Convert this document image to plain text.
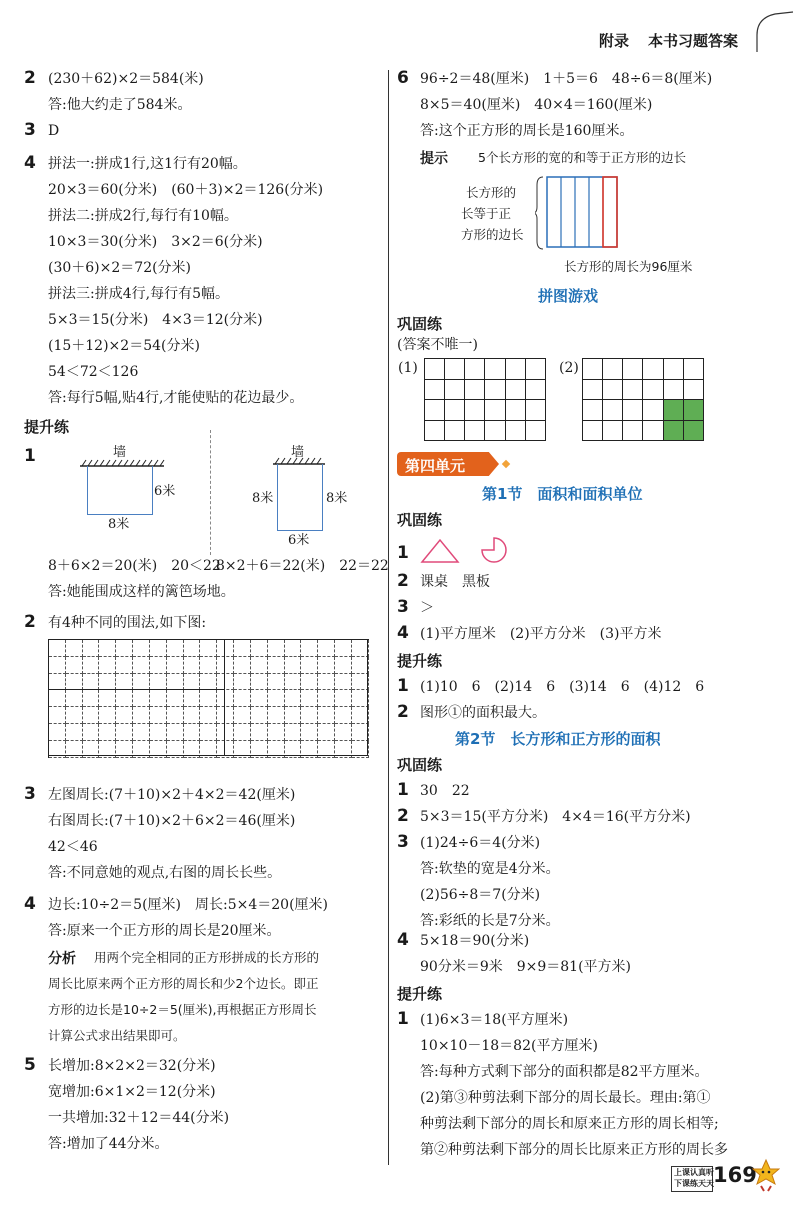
附录 本书习题答案
2 (230＋62)×2＝584(米)
答:他大约走了584米。
3 D
4 拼法一:拼成1行,这1行有20幅。
20×3＝60(分米)　(60＋3)×2＝126(分米)
拼法二:拼成2行,每行有10幅。
10×3＝30(分米)　3×2＝6(分米)
(30＋6)×2＝72(分米)
拼法三:拼成4行,每行有5幅。
5×3＝15(分米)　4×3＝12(分米)
(15＋12)×2＝54(分米)
54＜72＜126
答:每行5幅,贴4行,才能使贴的花边最少。
提升练
1	墙
6米
8米
墙
8米	8米
6米
8＋6×2＝20(米)　20＜22
8×2＋6＝22(米)　22＝22
答:她能围成这样的篱笆场地。
2 有4种不同的围法,如下图:
3 左图周长:(7＋10)×2＋4×2＝42(厘米)
右图周长:(7＋10)×2＋6×2＝46(厘米)
42＜46
答:不同意她的观点,右图的周长长些。
4 边长:10÷2＝5(厘米)　周长:5×4＝20(厘米)
答:原来一个正方形的周长是20厘米。
分析 用两个完全相同的正方形拼成的长方形的
周长比原来两个正方形的周长和少2个边长。即正
方形的边长是10÷2＝5(厘米),再根据正方形周长
计算公式求出结果即可。
5 长增加:8×2×2＝32(分米)
宽增加:6×1×2＝12(分米)
一共增加:32＋12＝44(分米)
答:增加了44分米。
6 96÷2＝48(厘米)　1＋5＝6　48÷6＝8(厘米)
8×5＝40(厘米)　40×4＝160(厘米)
答:这个正方形的周长是160厘米。
提示 5个长方形的宽的和等于正方形的边长
长方形的
长等于正
方形的边长
长方形的周长为96厘米
拼图游戏
巩固练
(答案不唯一)
(1)	(2)
第四单元
第1节　面积和面积单位
巩固练
1
2 课桌　黑板
3 ＞
4 (1)平方厘米　(2)平方分米　(3)平方米
提升练
1 (1)10　6　(2)14　6　(3)14　6　(4)12　6
2 图形①的面积最大。
第2节　长方形和正方形的面积
巩固练
1 30　22
2 5×3＝15(平方分米)　4×4＝16(平方分米)
3 (1)24÷6＝4(分米)
答:软垫的宽是4分米。
(2)56÷8＝7(分米)
答:彩纸的长是7分米。
4 5×18＝90(分米)
90分米＝9米　9×9＝81(平方米)
提升练
1 (1)6×3＝18(平方厘米)
10×10－18＝82(平方厘米)
答:每种方式剩下部分的面积都是82平方厘米。
(2)第③种剪法剩下部分的周长最长。理由:第①
种剪法剩下部分的周长和原来正方形的周长相等;
第②种剪法剩下部分的周长比原来正方形的周长多
上课认真听
下课练天天 169
